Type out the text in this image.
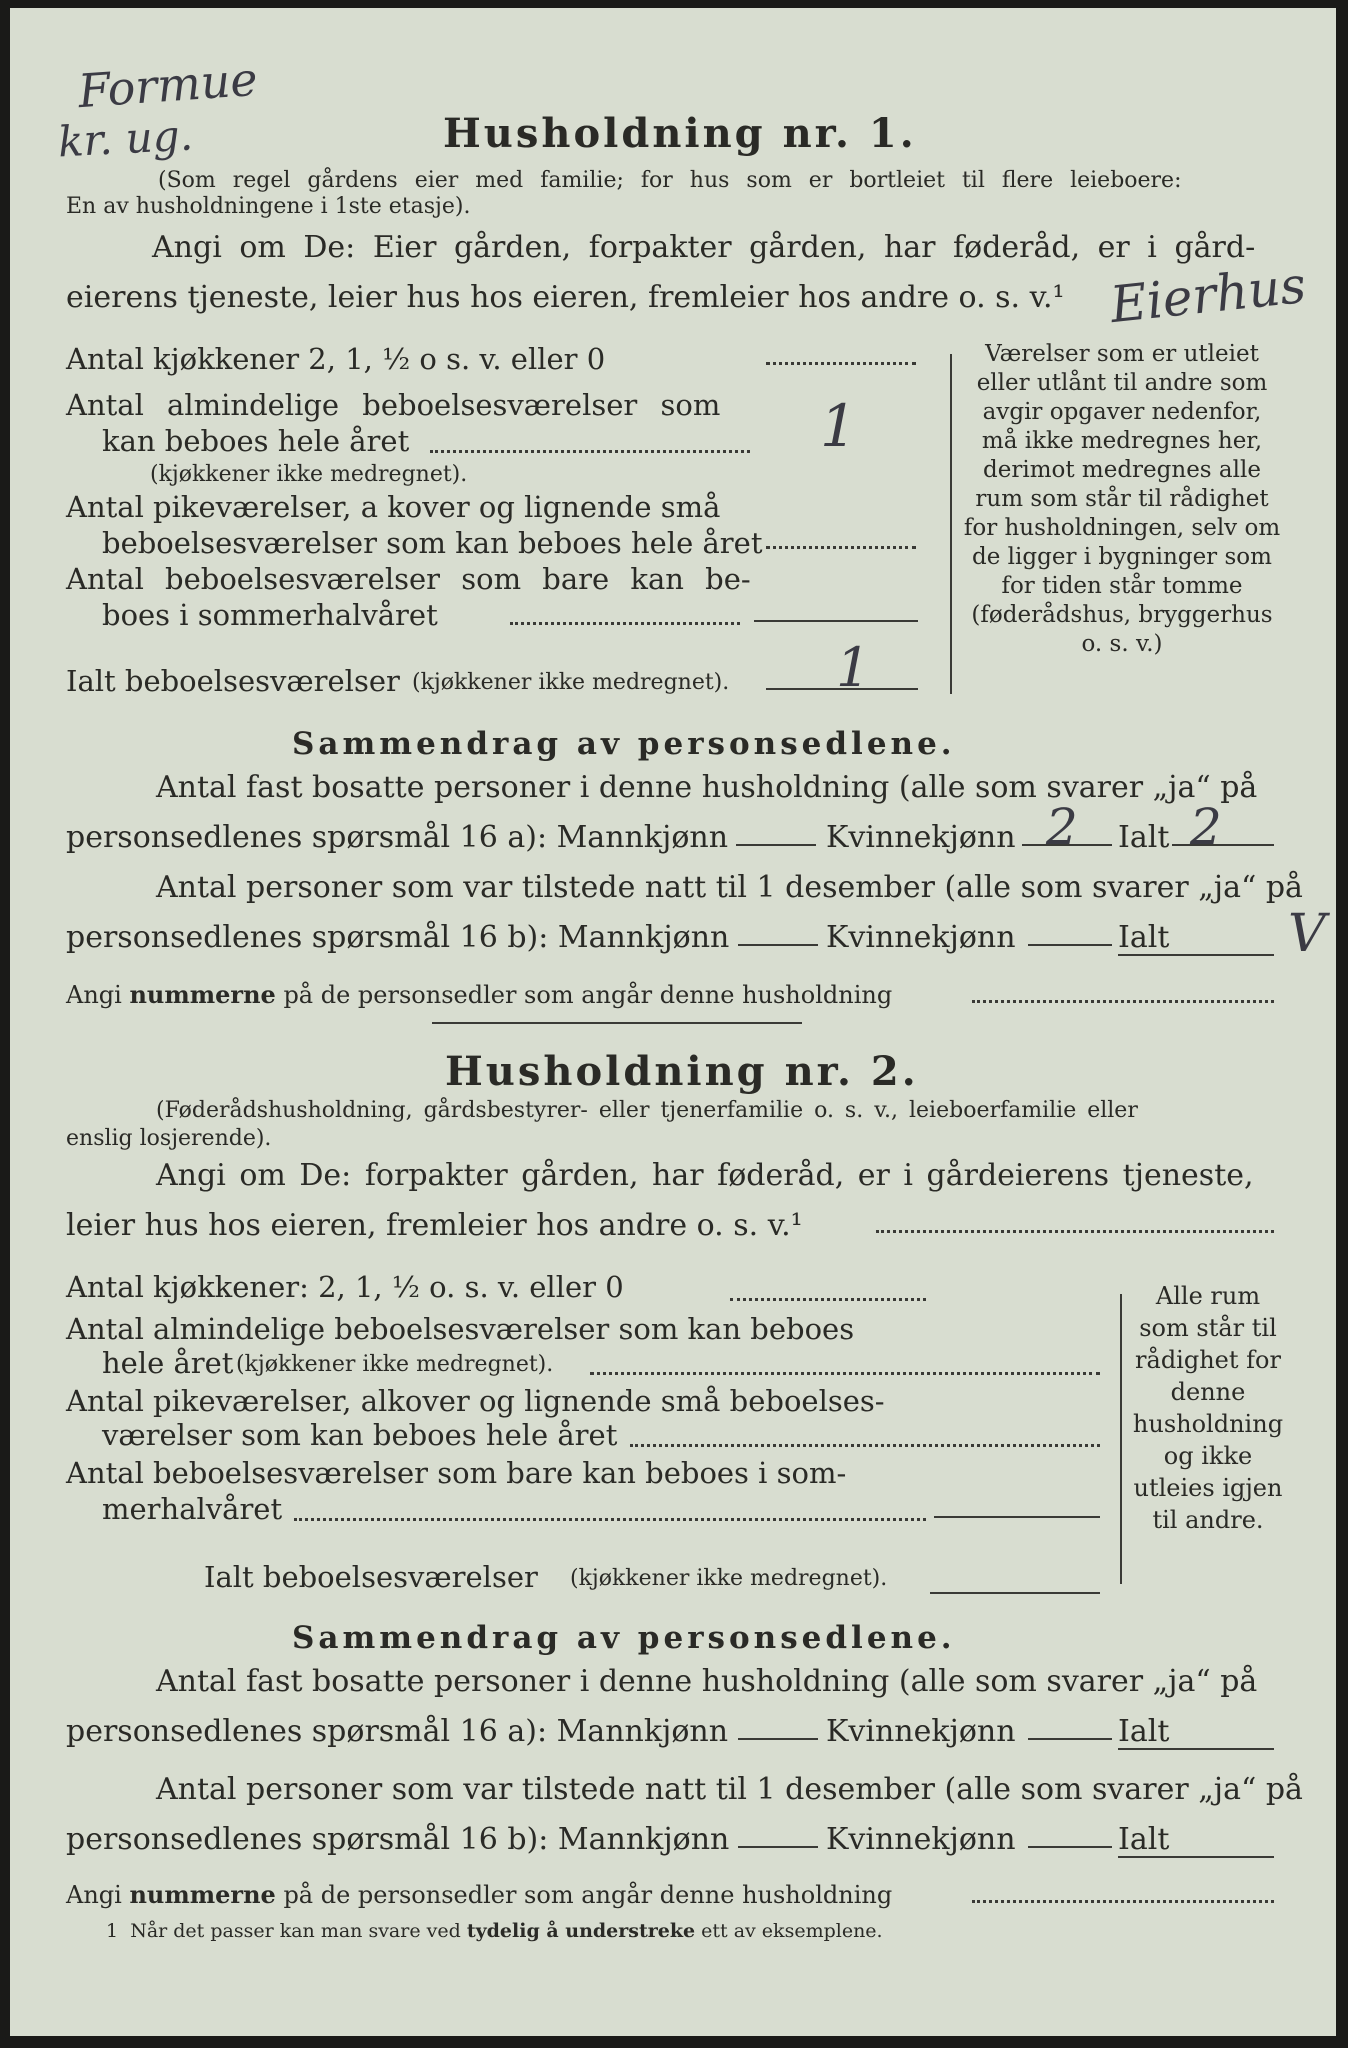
Formue
kr. ug.	Husholdning nr. 1.
(Som regel gårdens eier med familie; for hus som er bortleiet til flere leieboere:
En av husholdningene i 1ste etasje).
Angi om De: Eier gården, forpakter gården, har føderåd, er i gård-
eierens tjeneste, leier hus hos eieren, fremleier hos andre o. s. v.¹ Eierhus
Antal kjøkkener 2, 1, ½ o s. v. eller 0
Antal almindelige beboelsesværelser som
kan beboes hele året	1
(kjøkkener ikke medregnet).
Antal pikeværelser, a kover og lignende små
beboelsesværelser som kan beboes hele året
Antal beboelsesværelser som bare kan be-
boes i sommerhalvåret
Ialt beboelsesværelser (kjøkkener ikke medregnet). 1
Værelser som er utleiet eller utlånt til andre som avgir opgaver nedenfor, må ikke medregnes her, derimot medregnes alle rum som står til rådighet for husholdningen, selv om de ligger i bygninger som for tiden står tomme (føderådshus, bryggerhus o. s. v.)
Sammendrag av personsedlene.
Antal fast bosatte personer i denne husholdning (alle som svarer „ja“ på
personsedlenes spørsmål 16 a): Mannkjønn	Kvinnekjønn 2 Ialt 2
Antal personer som var tilstede natt til 1 desember (alle som svarer „ja“ på
personsedlenes spørsmål 16 b): Mannkjønn	Kvinnekjønn	Ialt V
Angi nummerne på de personsedler som angår denne husholdning
Husholdning nr. 2.
(Føderådshusholdning, gårdsbestyrer- eller tjenerfamilie o. s. v., leieboerfamilie eller
enslig losjerende).
Angi om De: forpakter gården, har føderåd, er i gårdeierens tjeneste,
leier hus hos eieren, fremleier hos andre o. s. v.¹
Antal kjøkkener: 2, 1, ½ o. s. v. eller 0
Antal almindelige beboelsesværelser som kan beboes
hele året (kjøkkener ikke medregnet).
Antal pikeværelser, alkover og lignende små beboelses-
værelser som kan beboes hele året
Antal beboelsesværelser som bare kan beboes i som-
merhalvåret
Ialt beboelsesværelser (kjøkkener ikke medregnet).
Alle rum som står til rådighet for denne husholdning og ikke utleies igjen til andre.
Sammendrag av personsedlene.
Antal fast bosatte personer i denne husholdning (alle som svarer „ja“ på
personsedlenes spørsmål 16 a): Mannkjønn	Kvinnekjønn	Ialt
Antal personer som var tilstede natt til 1 desember (alle som svarer „ja“ på
personsedlenes spørsmål 16 b): Mannkjønn	Kvinnekjønn	Ialt
Angi nummerne på de personsedler som angår denne husholdning
1 Når det passer kan man svare ved tydelig å understreke ett av eksemplene.
